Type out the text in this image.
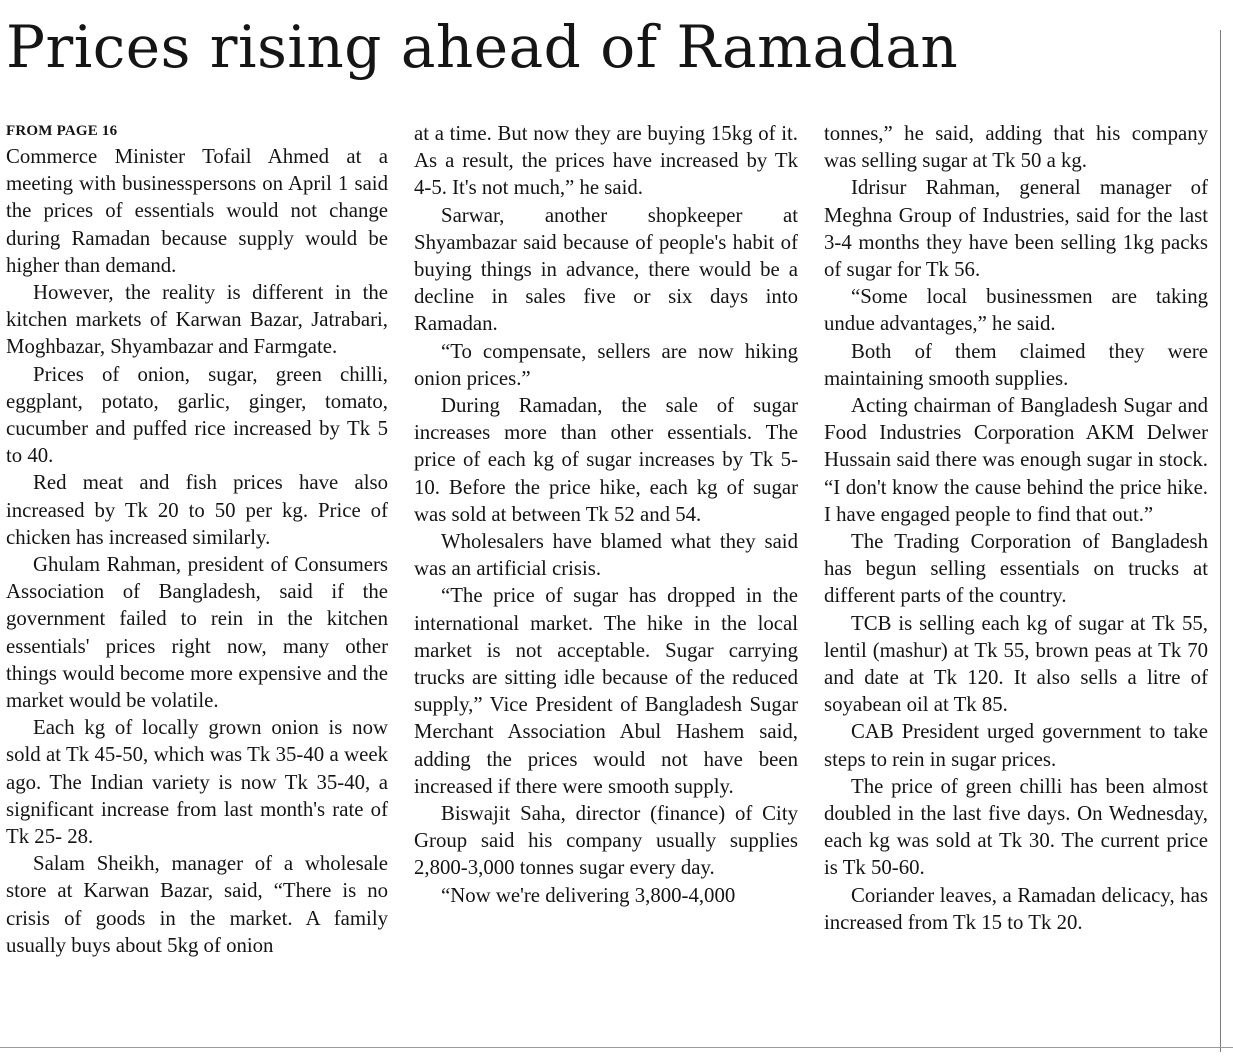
Prices rising ahead of Ramadan
FROM PAGE 16

Commerce Minister Tofail Ahmed at a meeting with businesspersons on April 1 said the prices of essentials would not change during Ramadan because supply would be higher than demand.

However, the reality is different in the kitchen markets of Karwan Bazar, Jatrabari, Moghbazar, Shyambazar and Farmgate.

Prices of onion, sugar, green chilli, eggplant, potato, garlic, ginger, tomato, cucumber and puffed rice increased by Tk 5 to 40.

Red meat and fish prices have also increased by Tk 20 to 50 per kg. Price of chicken has increased similarly.

Ghulam Rahman, president of Consumers Association of Bangladesh, said if the government failed to rein in the kitchen essentials' prices right now, many other things would become more expensive and the market would be volatile.

Each kg of locally grown onion is now sold at Tk 45-50, which was Tk 35-40 a week ago. The Indian variety is now Tk 35-40, a significant increase from last month's rate of Tk 25- 28.

Salam Sheikh, manager of a wholesale store at Karwan Bazar, said, “There is no crisis of goods in the market. A family usually buys about 5kg of onion

at a time. But now they are buying 15kg of it. As a result, the prices have increased by Tk 4-5. It's not much,” he said.

Sarwar, another shopkeeper at Shyambazar said because of people's habit of buying things in advance, there would be a decline in sales five or six days into Ramadan.

“To compensate, sellers are now hiking onion prices.”

During Ramadan, the sale of sugar increases more than other essentials. The price of each kg of sugar increases by Tk 5-10. Before the price hike, each kg of sugar was sold at between Tk 52 and 54.

Wholesalers have blamed what they said was an artificial crisis.

“The price of sugar has dropped in the international market. The hike in the local market is not acceptable. Sugar carrying trucks are sitting idle because of the reduced supply,” Vice President of Bangladesh Sugar Merchant Association Abul Hashem said, adding the prices would not have been increased if there were smooth supply.

Biswajit Saha, director (finance) of City Group said his company usually supplies 2,800-3,000 tonnes sugar every day.

“Now we're delivering 3,800-4,000

tonnes,” he said, adding that his company was selling sugar at Tk 50 a kg.

Idrisur Rahman, general manager of Meghna Group of Industries, said for the last 3-4 months they have been selling 1kg packs of sugar for Tk 56.

“Some local businessmen are taking undue advantages,” he said.

Both of them claimed they were maintaining smooth supplies.

Acting chairman of Bangladesh Sugar and Food Industries Corporation AKM Delwer Hussain said there was enough sugar in stock. “I don't know the cause behind the price hike. I have engaged people to find that out.”

The Trading Corporation of Bangladesh has begun selling essentials on trucks at different parts of the country.

TCB is selling each kg of sugar at Tk 55, lentil (mashur) at Tk 55, brown peas at Tk 70 and date at Tk 120. It also sells a litre of soyabean oil at Tk 85.

CAB President urged government to take steps to rein in sugar prices.

The price of green chilli has been almost doubled in the last five days. On Wednesday, each kg was sold at Tk 30. The current price is Tk 50-60.

Coriander leaves, a Ramadan delicacy, has increased from Tk 15 to Tk 20.
